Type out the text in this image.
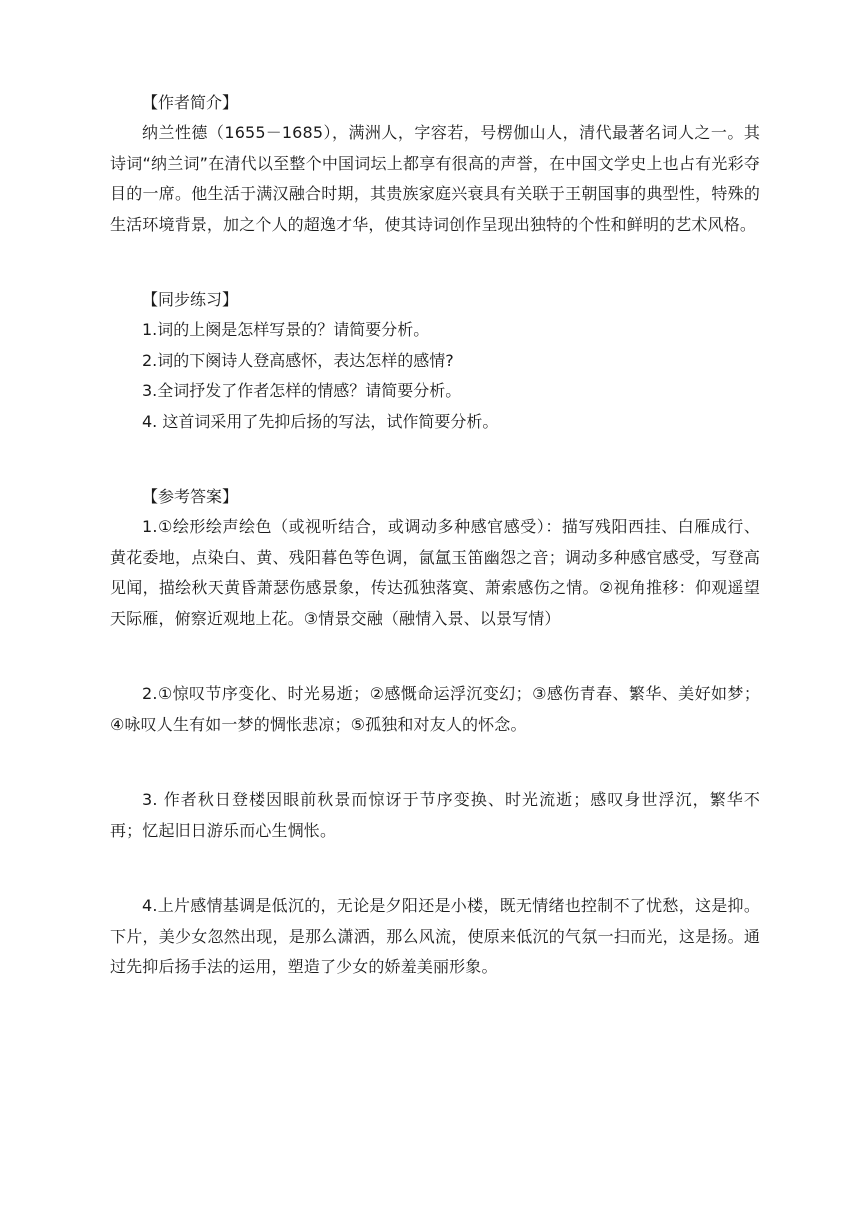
【作者简介】

纳兰性德（1655－1685），满洲人，字容若，号楞伽山人，清代最著名词人之一。其诗词“纳兰词”在清代以至整个中国词坛上都享有很高的声誉，在中国文学史上也占有光彩夺目的一席。他生活于满汉融合时期，其贵族家庭兴衰具有关联于王朝国事的典型性，特殊的生活环境背景，加之个人的超逸才华，使其诗词创作呈现出独特的个性和鲜明的艺术风格。

【同步练习】

1.词的上阕是怎样写景的？请简要分析。

2.词的下阕诗人登高感怀，表达怎样的感情?

3.全词抒发了作者怎样的情感？请简要分析。

4. 这首词采用了先抑后扬的写法，试作简要分析。

【参考答案】

1.①绘形绘声绘色（或视听结合，或调动多种感官感受）：描写残阳西挂、白雁成行、黄花委地，点染白、黄、残阳暮色等色调，氤氲玉笛幽怨之音；调动多种感官感受，写登高见闻，描绘秋天黄昏萧瑟伤感景象，传达孤独落寞、萧索感伤之情。②视角推移：仰观遥望天际雁，俯察近观地上花。③情景交融（融情入景、以景写情）

2.①惊叹节序变化、时光易逝；②感慨命运浮沉变幻；③感伤青春、繁华、美好如梦；④咏叹人生有如一梦的惆怅悲凉；⑤孤独和对友人的怀念。

3. 作者秋日登楼因眼前秋景而惊讶于节序变换、时光流逝；感叹身世浮沉，繁华不再；忆起旧日游乐而心生惆怅。

4.上片感情基调是低沉的，无论是夕阳还是小楼，既无情绪也控制不了忧愁，这是抑。下片，美少女忽然出现，是那么潇洒，那么风流，使原来低沉的气氛一扫而光，这是扬。通过先抑后扬手法的运用，塑造了少女的娇羞美丽形象。
